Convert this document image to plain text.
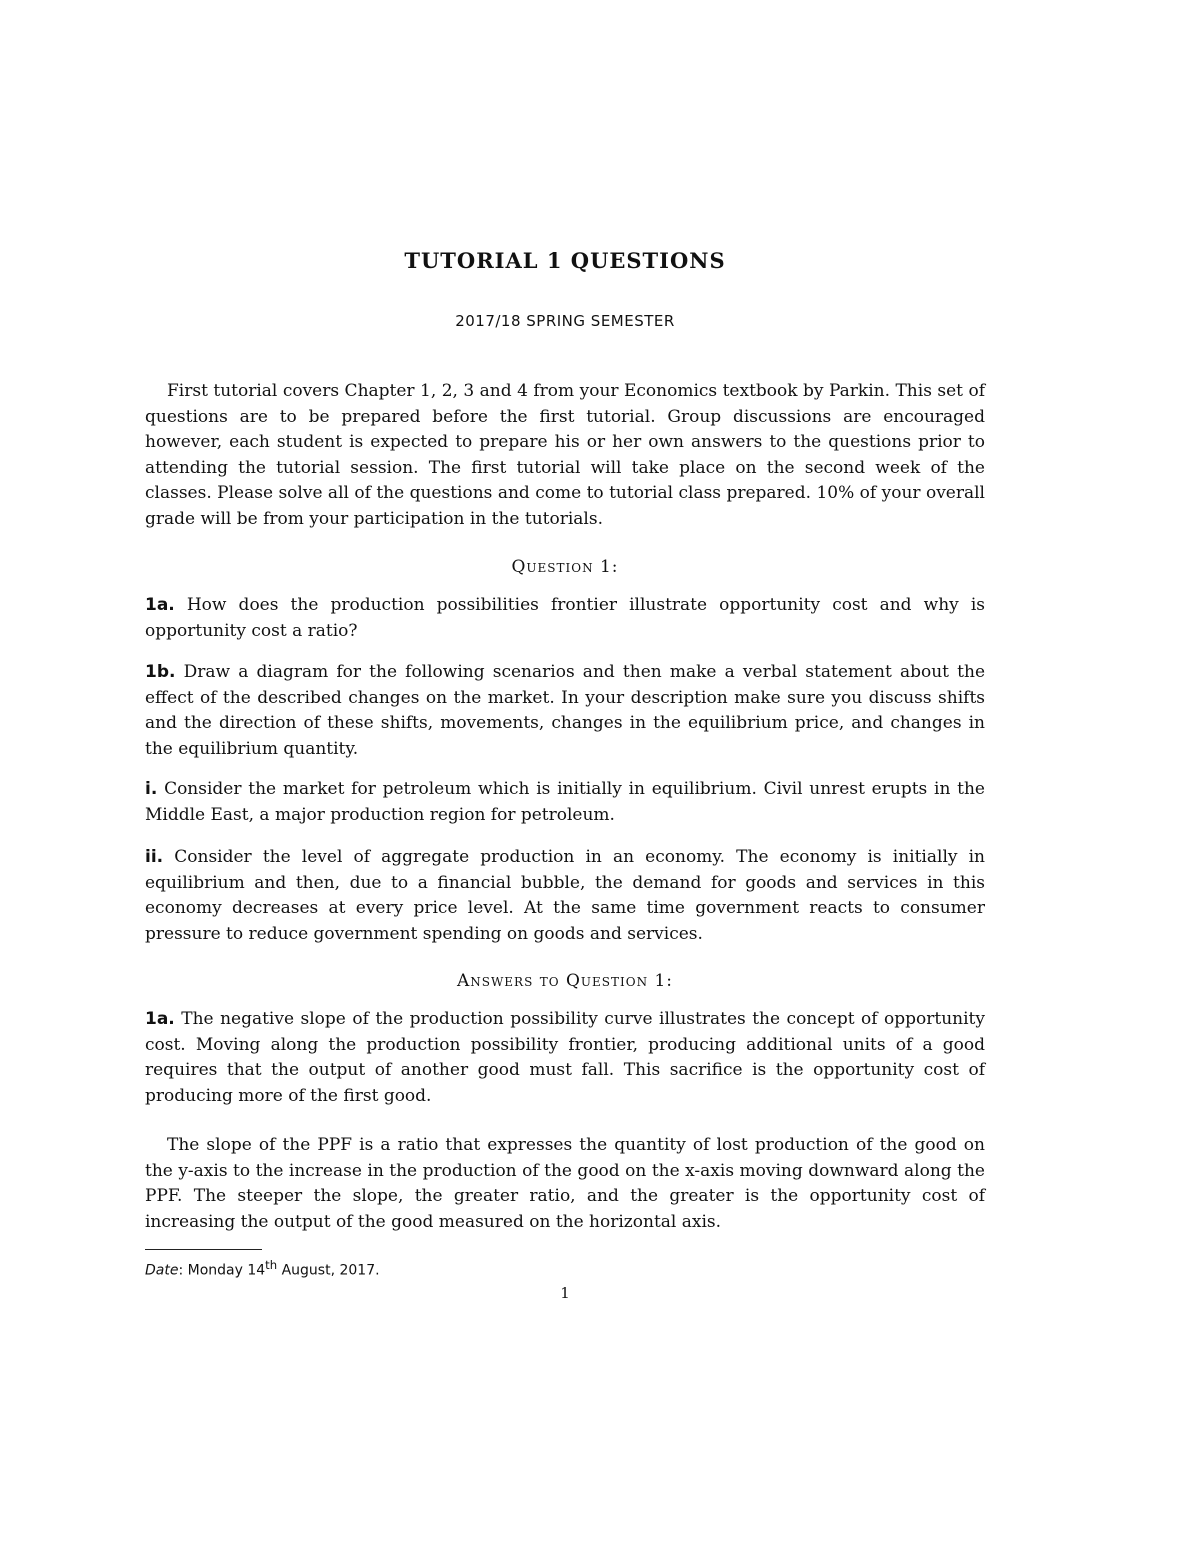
TUTORIAL 1 QUESTIONS
2017/18 SPRING SEMESTER

First tutorial covers Chapter 1, 2, 3 and 4 from your Economics textbook by Parkin. This set of questions are to be prepared before the first tutorial. Group discussions are encouraged however, each student is expected to prepare his or her own answers to the questions prior to attending the tutorial session. The first tutorial will take place on the second week of the classes. Please solve all of the questions and come to tutorial class prepared. 10% of your overall grade will be from your participation in the tutorials.

Question 1:

1a. How does the production possibilities frontier illustrate opportunity cost and why is opportunity cost a ratio?

1b. Draw a diagram for the following scenarios and then make a verbal statement about the effect of the described changes on the market. In your description make sure you discuss shifts and the direction of these shifts, movements, changes in the equilibrium price, and changes in the equilibrium quantity.

i. Consider the market for petroleum which is initially in equilibrium. Civil unrest erupts in the Middle East, a major production region for petroleum.

ii. Consider the level of aggregate production in an economy. The economy is initially in equilibrium and then, due to a financial bubble, the demand for goods and services in this economy decreases at every price level. At the same time government reacts to consumer pressure to reduce government spending on goods and services.

Answers to Question 1:

1a. The negative slope of the production possibility curve illustrates the concept of opportunity cost. Moving along the production possibility frontier, producing additional units of a good requires that the output of another good must fall. This sacrifice is the opportunity cost of producing more of the first good.

The slope of the PPF is a ratio that expresses the quantity of lost production of the good on the y-axis to the increase in the production of the good on the x-axis moving downward along the PPF. The steeper the slope, the greater ratio, and the greater is the opportunity cost of increasing the output of the good measured on the horizontal axis.

Date: Monday 14th August, 2017.
1
